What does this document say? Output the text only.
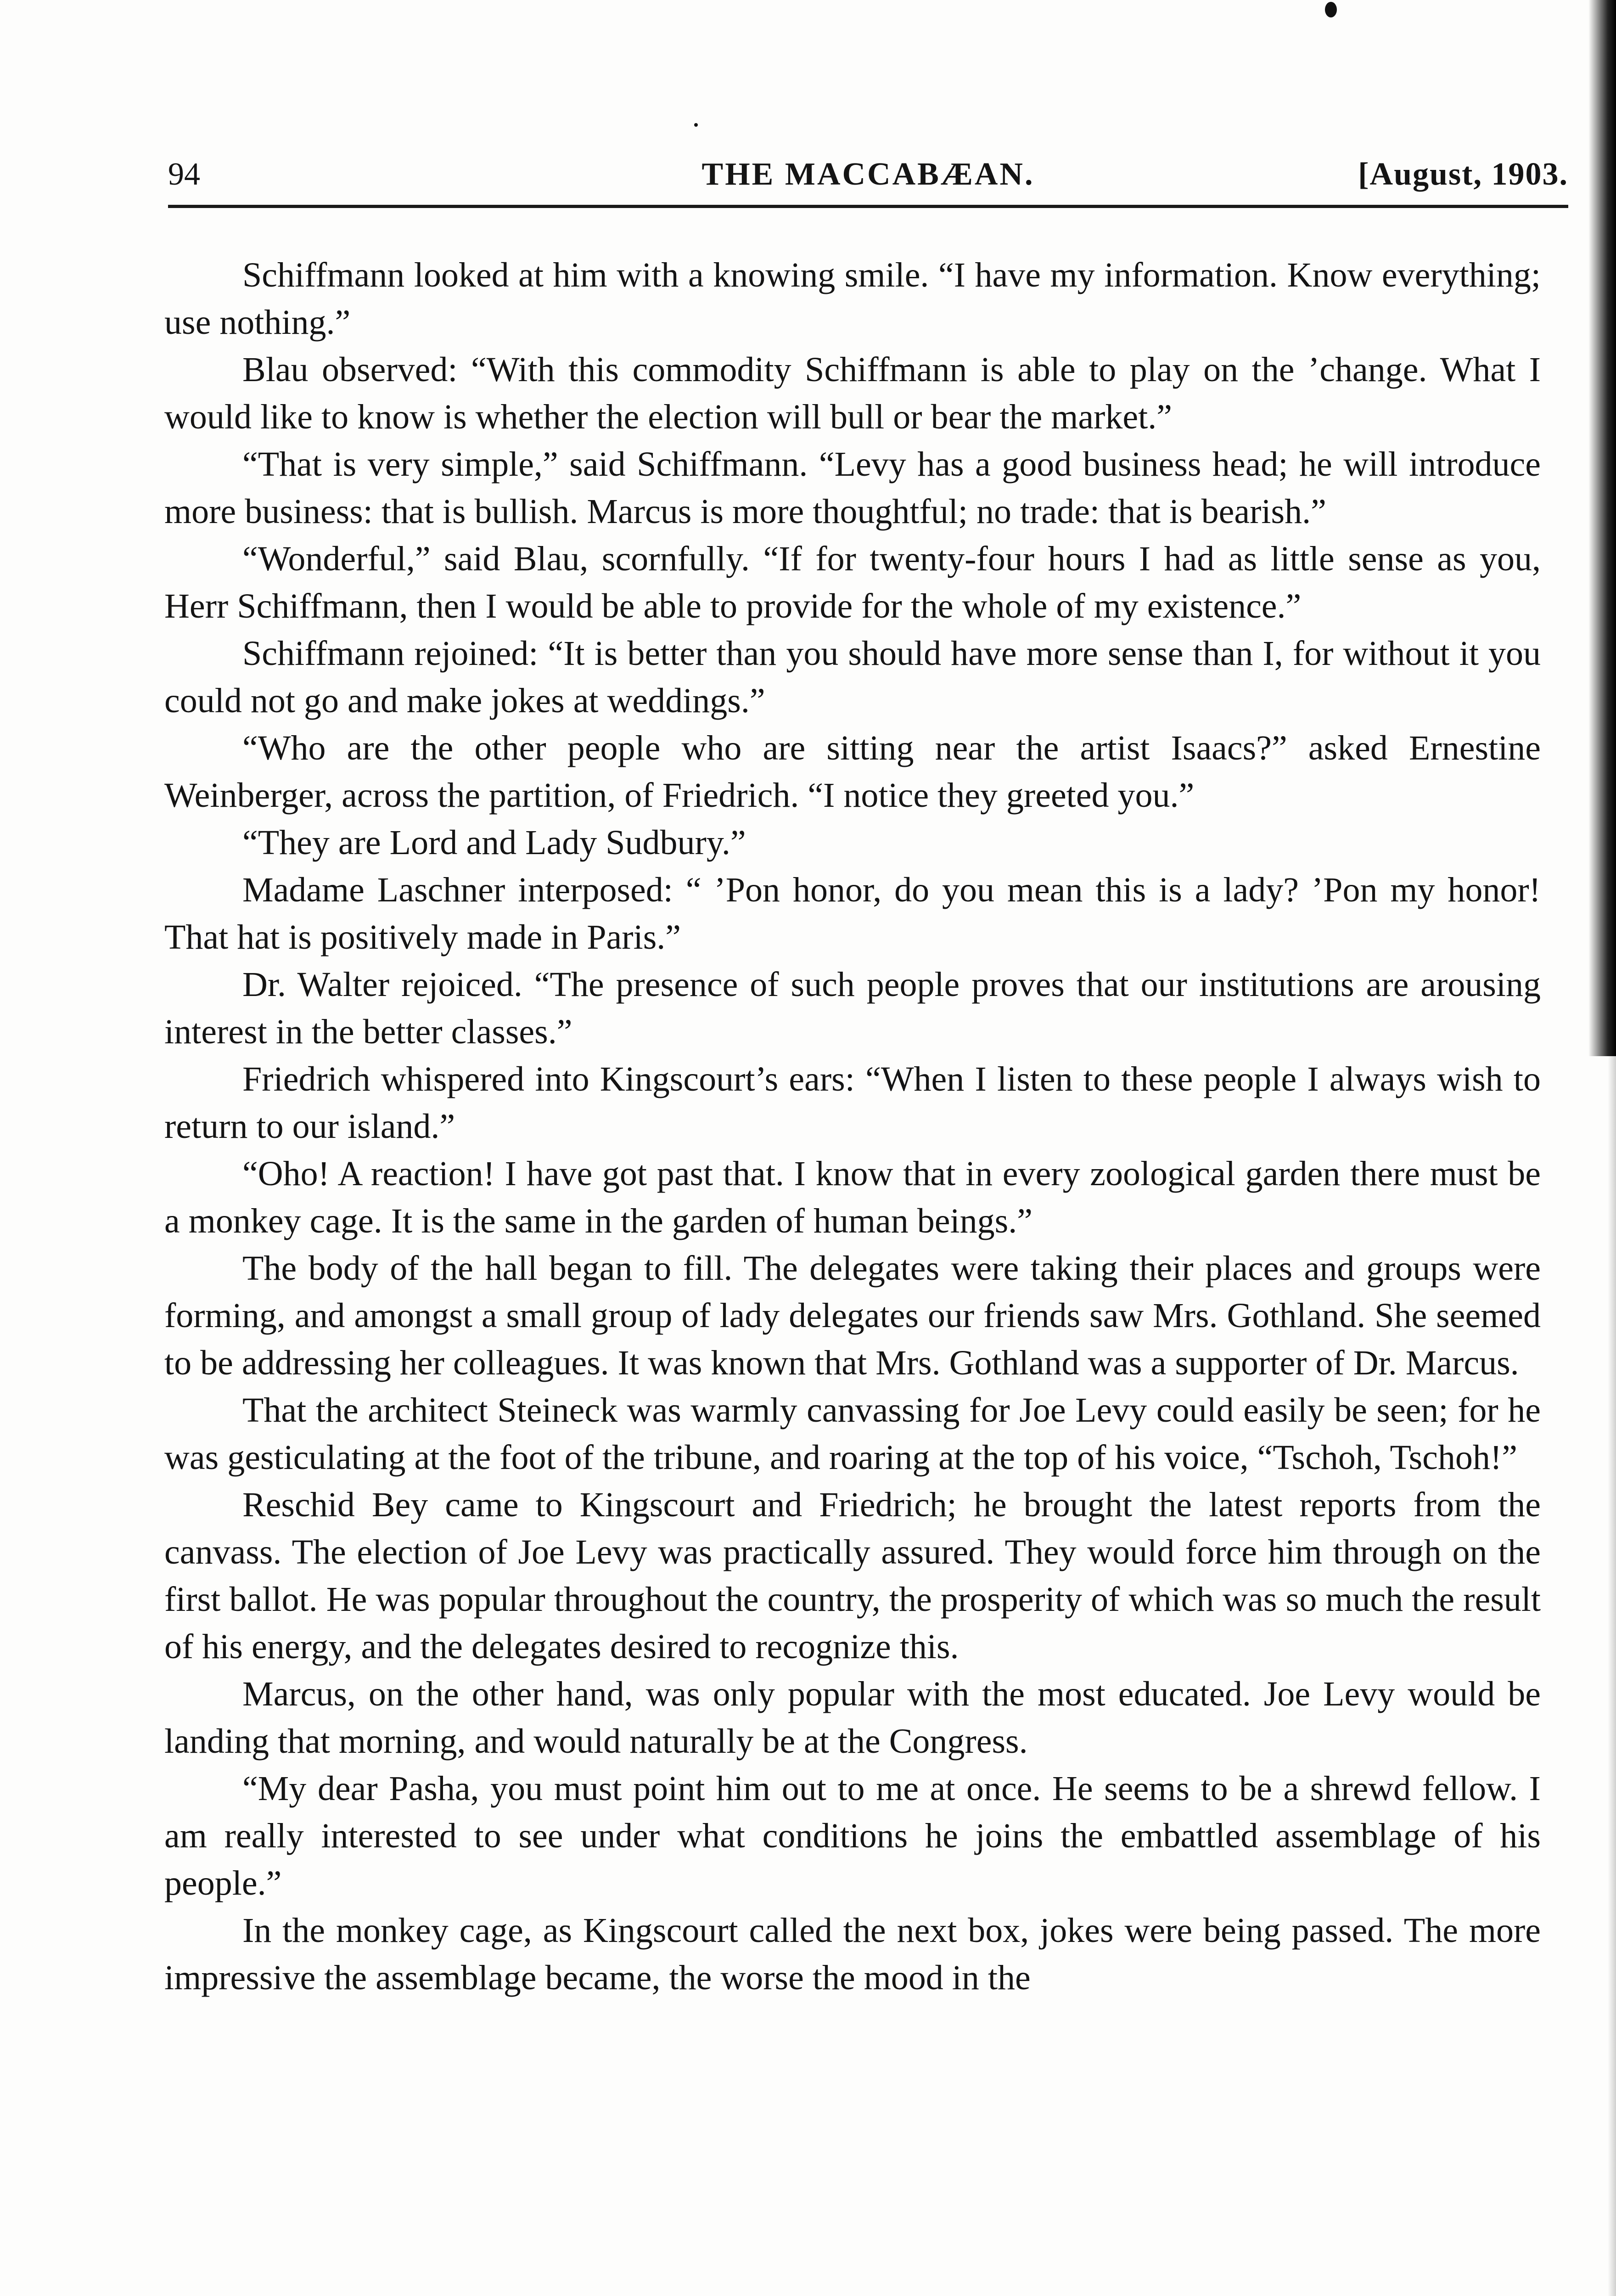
94	THE MACCABÆAN.	[August, 1903.

Schiffmann looked at him with a knowing smile. “I have my information. Know everything; use nothing.”

Blau observed: “With this commodity Schiffmann is able to play on the ’change. What I would like to know is whether the election will bull or bear the market.”

“That is very simple,” said Schiffmann. “Levy has a good business head; he will introduce more business: that is bullish. Marcus is more thoughtful; no trade: that is bearish.”

“Wonderful,” said Blau, scornfully. “If for twenty-four hours I had as little sense as you, Herr Schiffmann, then I would be able to provide for the whole of my existence.”

Schiffmann rejoined: “It is better than you should have more sense than I, for without it you could not go and make jokes at weddings.”

“Who are the other people who are sitting near the artist Isaacs?” asked Ernestine Weinberger, across the partition, of Friedrich. “I notice they greeted you.”

“They are Lord and Lady Sudbury.”

Madame Laschner interposed: “ ’Pon honor, do you mean this is a lady? ’Pon my honor! That hat is positively made in Paris.”

Dr. Walter rejoiced. “The presence of such people proves that our institutions are arousing interest in the better classes.”

Friedrich whispered into Kingscourt’s ears: “When I listen to these people I always wish to return to our island.”

“Oho! A reaction! I have got past that. I know that in every zoological garden there must be a monkey cage. It is the same in the garden of human beings.”

The body of the hall began to fill. The delegates were taking their places and groups were forming, and amongst a small group of lady delegates our friends saw Mrs. Gothland. She seemed to be addressing her colleagues. It was known that Mrs. Gothland was a supporter of Dr. Marcus.

That the architect Steineck was warmly canvassing for Joe Levy could easily be seen; for he was gesticulating at the foot of the tribune, and roaring at the top of his voice, “Tschoh, Tschoh!”

Reschid Bey came to Kingscourt and Friedrich; he brought the latest reports from the canvass. The election of Joe Levy was practically assured. They would force him through on the first ballot. He was popular throughout the country, the prosperity of which was so much the result of his energy, and the delegates desired to recognize this.

Marcus, on the other hand, was only popular with the most educated. Joe Levy would be landing that morning, and would naturally be at the Congress.

“My dear Pasha, you must point him out to me at once. He seems to be a shrewd fellow. I am really interested to see under what conditions he joins the embattled assemblage of his people.”

In the monkey cage, as Kingscourt called the next box, jokes were being passed. The more impressive the assemblage became, the worse the mood in the
